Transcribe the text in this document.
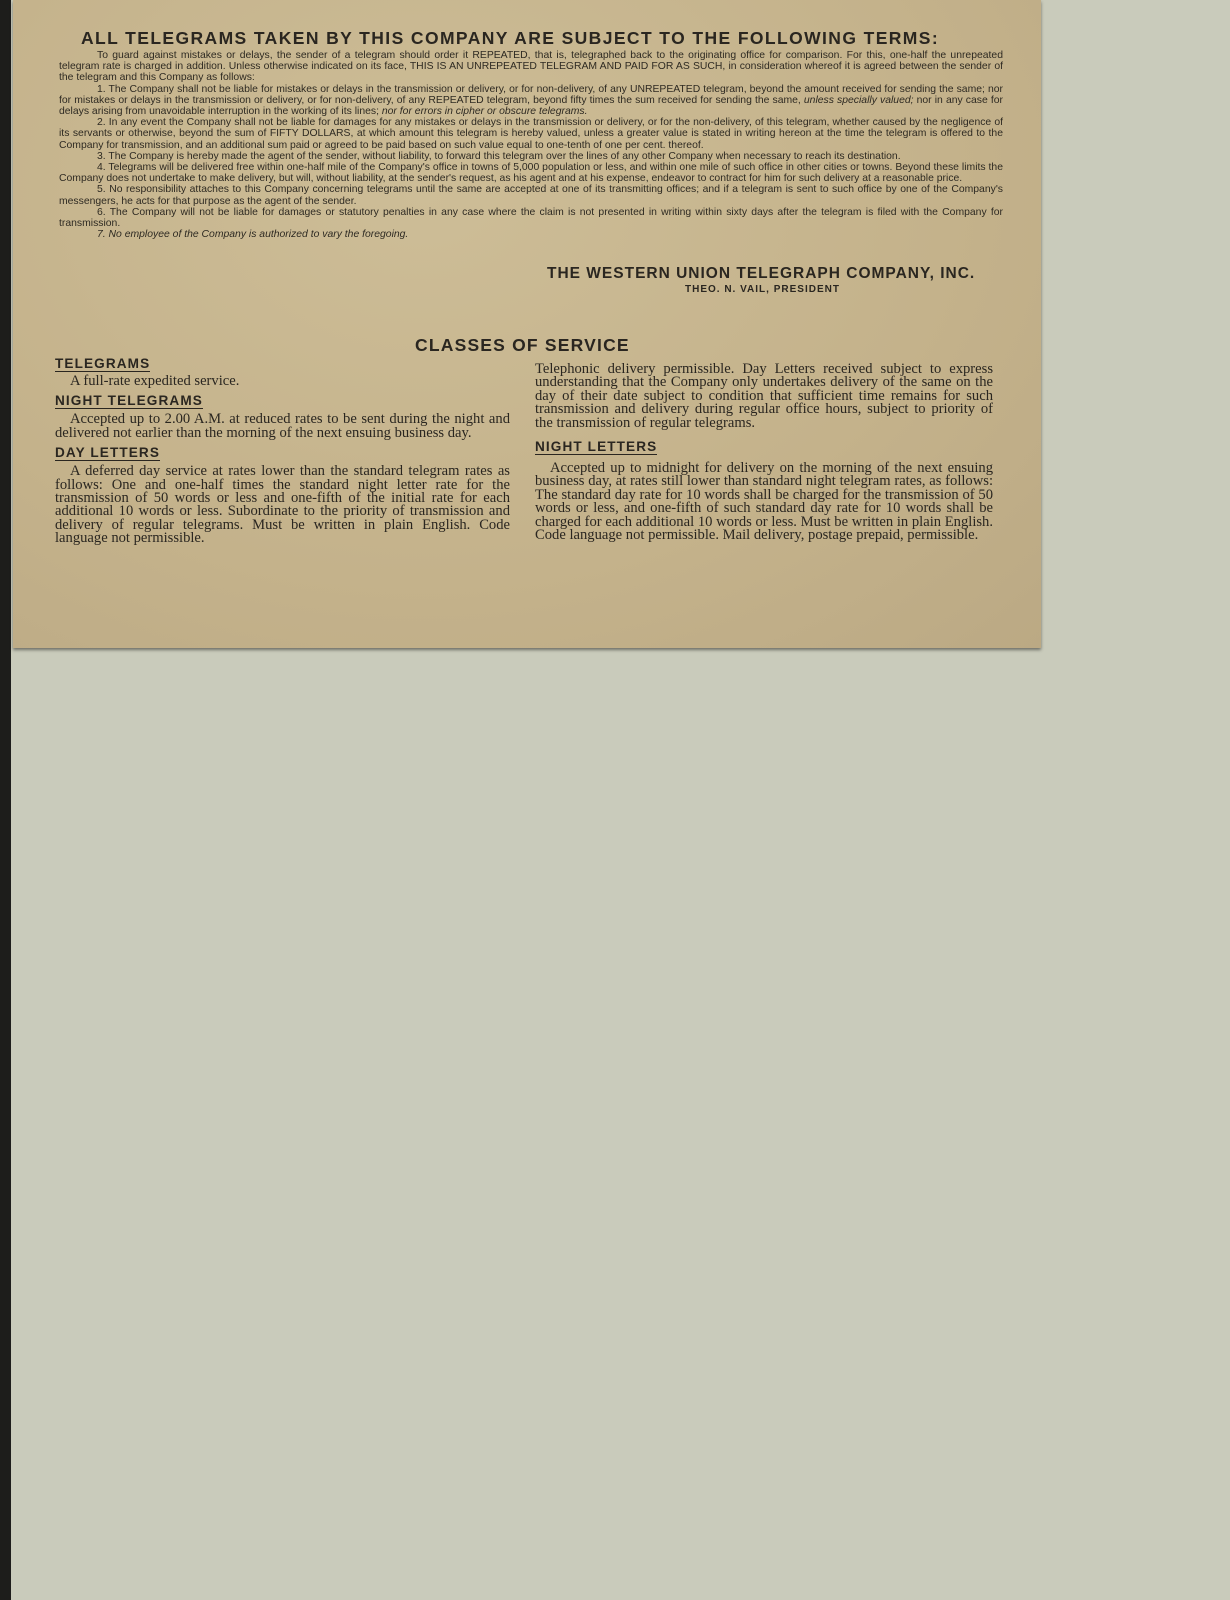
ALL TELEGRAMS TAKEN BY THIS COMPANY ARE SUBJECT TO THE FOLLOWING TERMS:

To guard against mistakes or delays, the sender of a telegram should order it REPEATED, that is, telegraphed back to the originating office for comparison. For this, one-half the unrepeated telegram rate is charged in addition. Unless otherwise indicated on its face, THIS IS AN UNREPEATED TELEGRAM AND PAID FOR AS SUCH, in consideration whereof it is agreed between the sender of the telegram and this Company as follows:

1. The Company shall not be liable for mistakes or delays in the transmission or delivery, or for non-delivery, of any UNREPEATED telegram, beyond the amount received for sending the same; nor for mistakes or delays in the transmission or delivery, or for non-delivery, of any REPEATED telegram, beyond fifty times the sum received for sending the same, unless specially valued; nor in any case for delays arising from unavoidable interruption in the working of its lines; nor for errors in cipher or obscure telegrams.

2. In any event the Company shall not be liable for damages for any mistakes or delays in the transmission or delivery, or for the non-delivery, of this telegram, whether caused by the negligence of its servants or otherwise, beyond the sum of FIFTY DOLLARS, at which amount this telegram is hereby valued, unless a greater value is stated in writing hereon at the time the telegram is offered to the Company for transmission, and an additional sum paid or agreed to be paid based on such value equal to one-tenth of one per cent. thereof.

3. The Company is hereby made the agent of the sender, without liability, to forward this telegram over the lines of any other Company when necessary to reach its destination.

4. Telegrams will be delivered free within one-half mile of the Company's office in towns of 5,000 population or less, and within one mile of such office in other cities or towns. Beyond these limits the Company does not undertake to make delivery, but will, without liability, at the sender's request, as his agent and at his expense, endeavor to contract for him for such delivery at a reasonable price.

5. No responsibility attaches to this Company concerning telegrams until the same are accepted at one of its transmitting offices; and if a telegram is sent to such office by one of the Company's messengers, he acts for that purpose as the agent of the sender.

6. The Company will not be liable for damages or statutory penalties in any case where the claim is not presented in writing within sixty days after the telegram is filed with the Company for transmission.

7. No employee of the Company is authorized to vary the foregoing.

THE WESTERN UNION TELEGRAPH COMPANY, INC.
THEO. N. VAIL, PRESIDENT
CLASSES OF SERVICE
TELEGRAMS

A full-rate expedited service.

NIGHT TELEGRAMS

Accepted up to 2.00 A.M. at reduced rates to be sent during the night and delivered not earlier than the morning of the next ensuing business day.

DAY LETTERS

A deferred day service at rates lower than the standard telegram rates as follows: One and one-half times the standard night letter rate for the transmission of 50 words or less and one-fifth of the initial rate for each additional 10 words or less. Subordinate to the priority of transmission and delivery of regular telegrams. Must be written in plain English. Code language not permissible.

Telephonic delivery permissible. Day Letters received subject to express understanding that the Company only undertakes delivery of the same on the day of their date subject to condition that sufficient time remains for such transmission and delivery during regular office hours, subject to priority of the transmission of regular telegrams.

NIGHT LETTERS

Accepted up to midnight for delivery on the morning of the next ensuing business day, at rates still lower than standard night telegram rates, as follows: The standard day rate for 10 words shall be charged for the transmission of 50 words or less, and one-fifth of such standard day rate for 10 words shall be charged for each additional 10 words or less. Must be written in plain English. Code language not permissible. Mail delivery, postage prepaid, permissible.
